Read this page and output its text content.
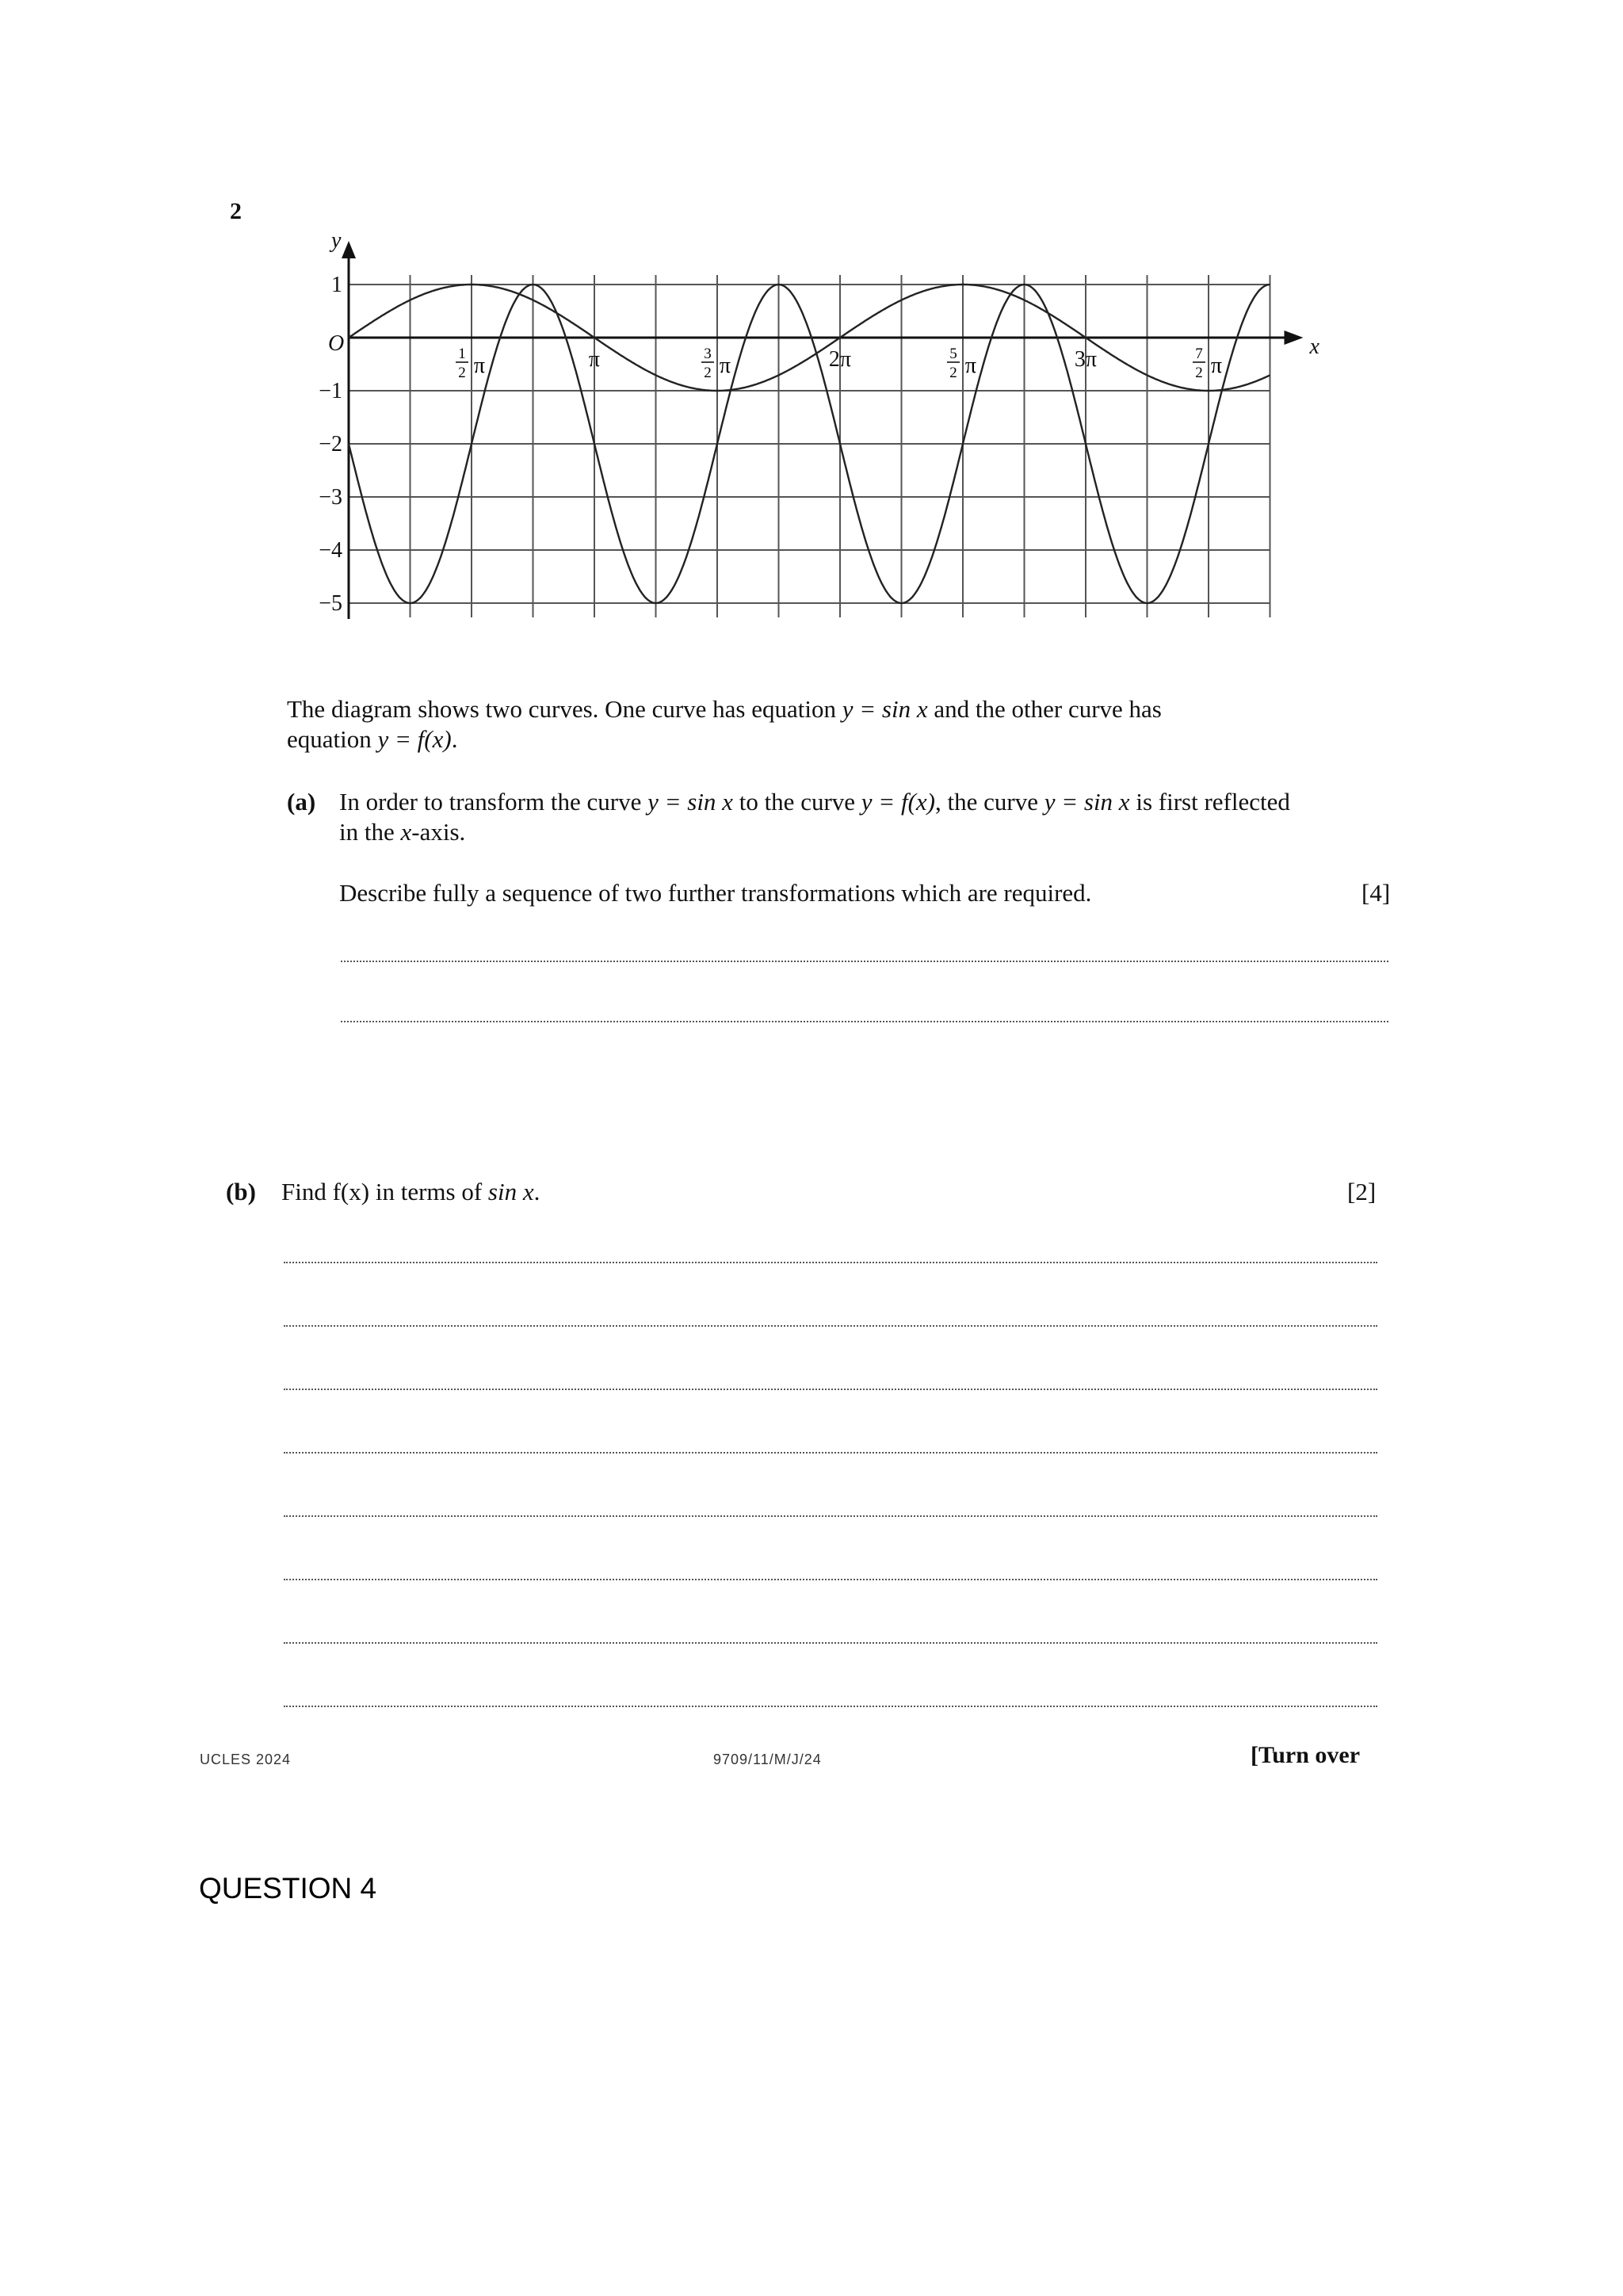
2
y
x
O
1
−1
−2
−3
−4
−5
1
2 π	π	3
2 π	2π	5
2 π	3π	7
2 π
The diagram shows two curves. One curve has equation y = sin x and the other curve has
equation y = f(x).
(a) In order to transform the curve y = sin x to the curve y = f(x), the curve y = sin x is first reflected
in the x-axis.
Describe fully a sequence of two further transformations which are required.	[4]
(b) Find f(x) in terms of sin x.	[2]
UCLES 2024	9709/11/M/J/24	[Turn over
QUESTION 4
